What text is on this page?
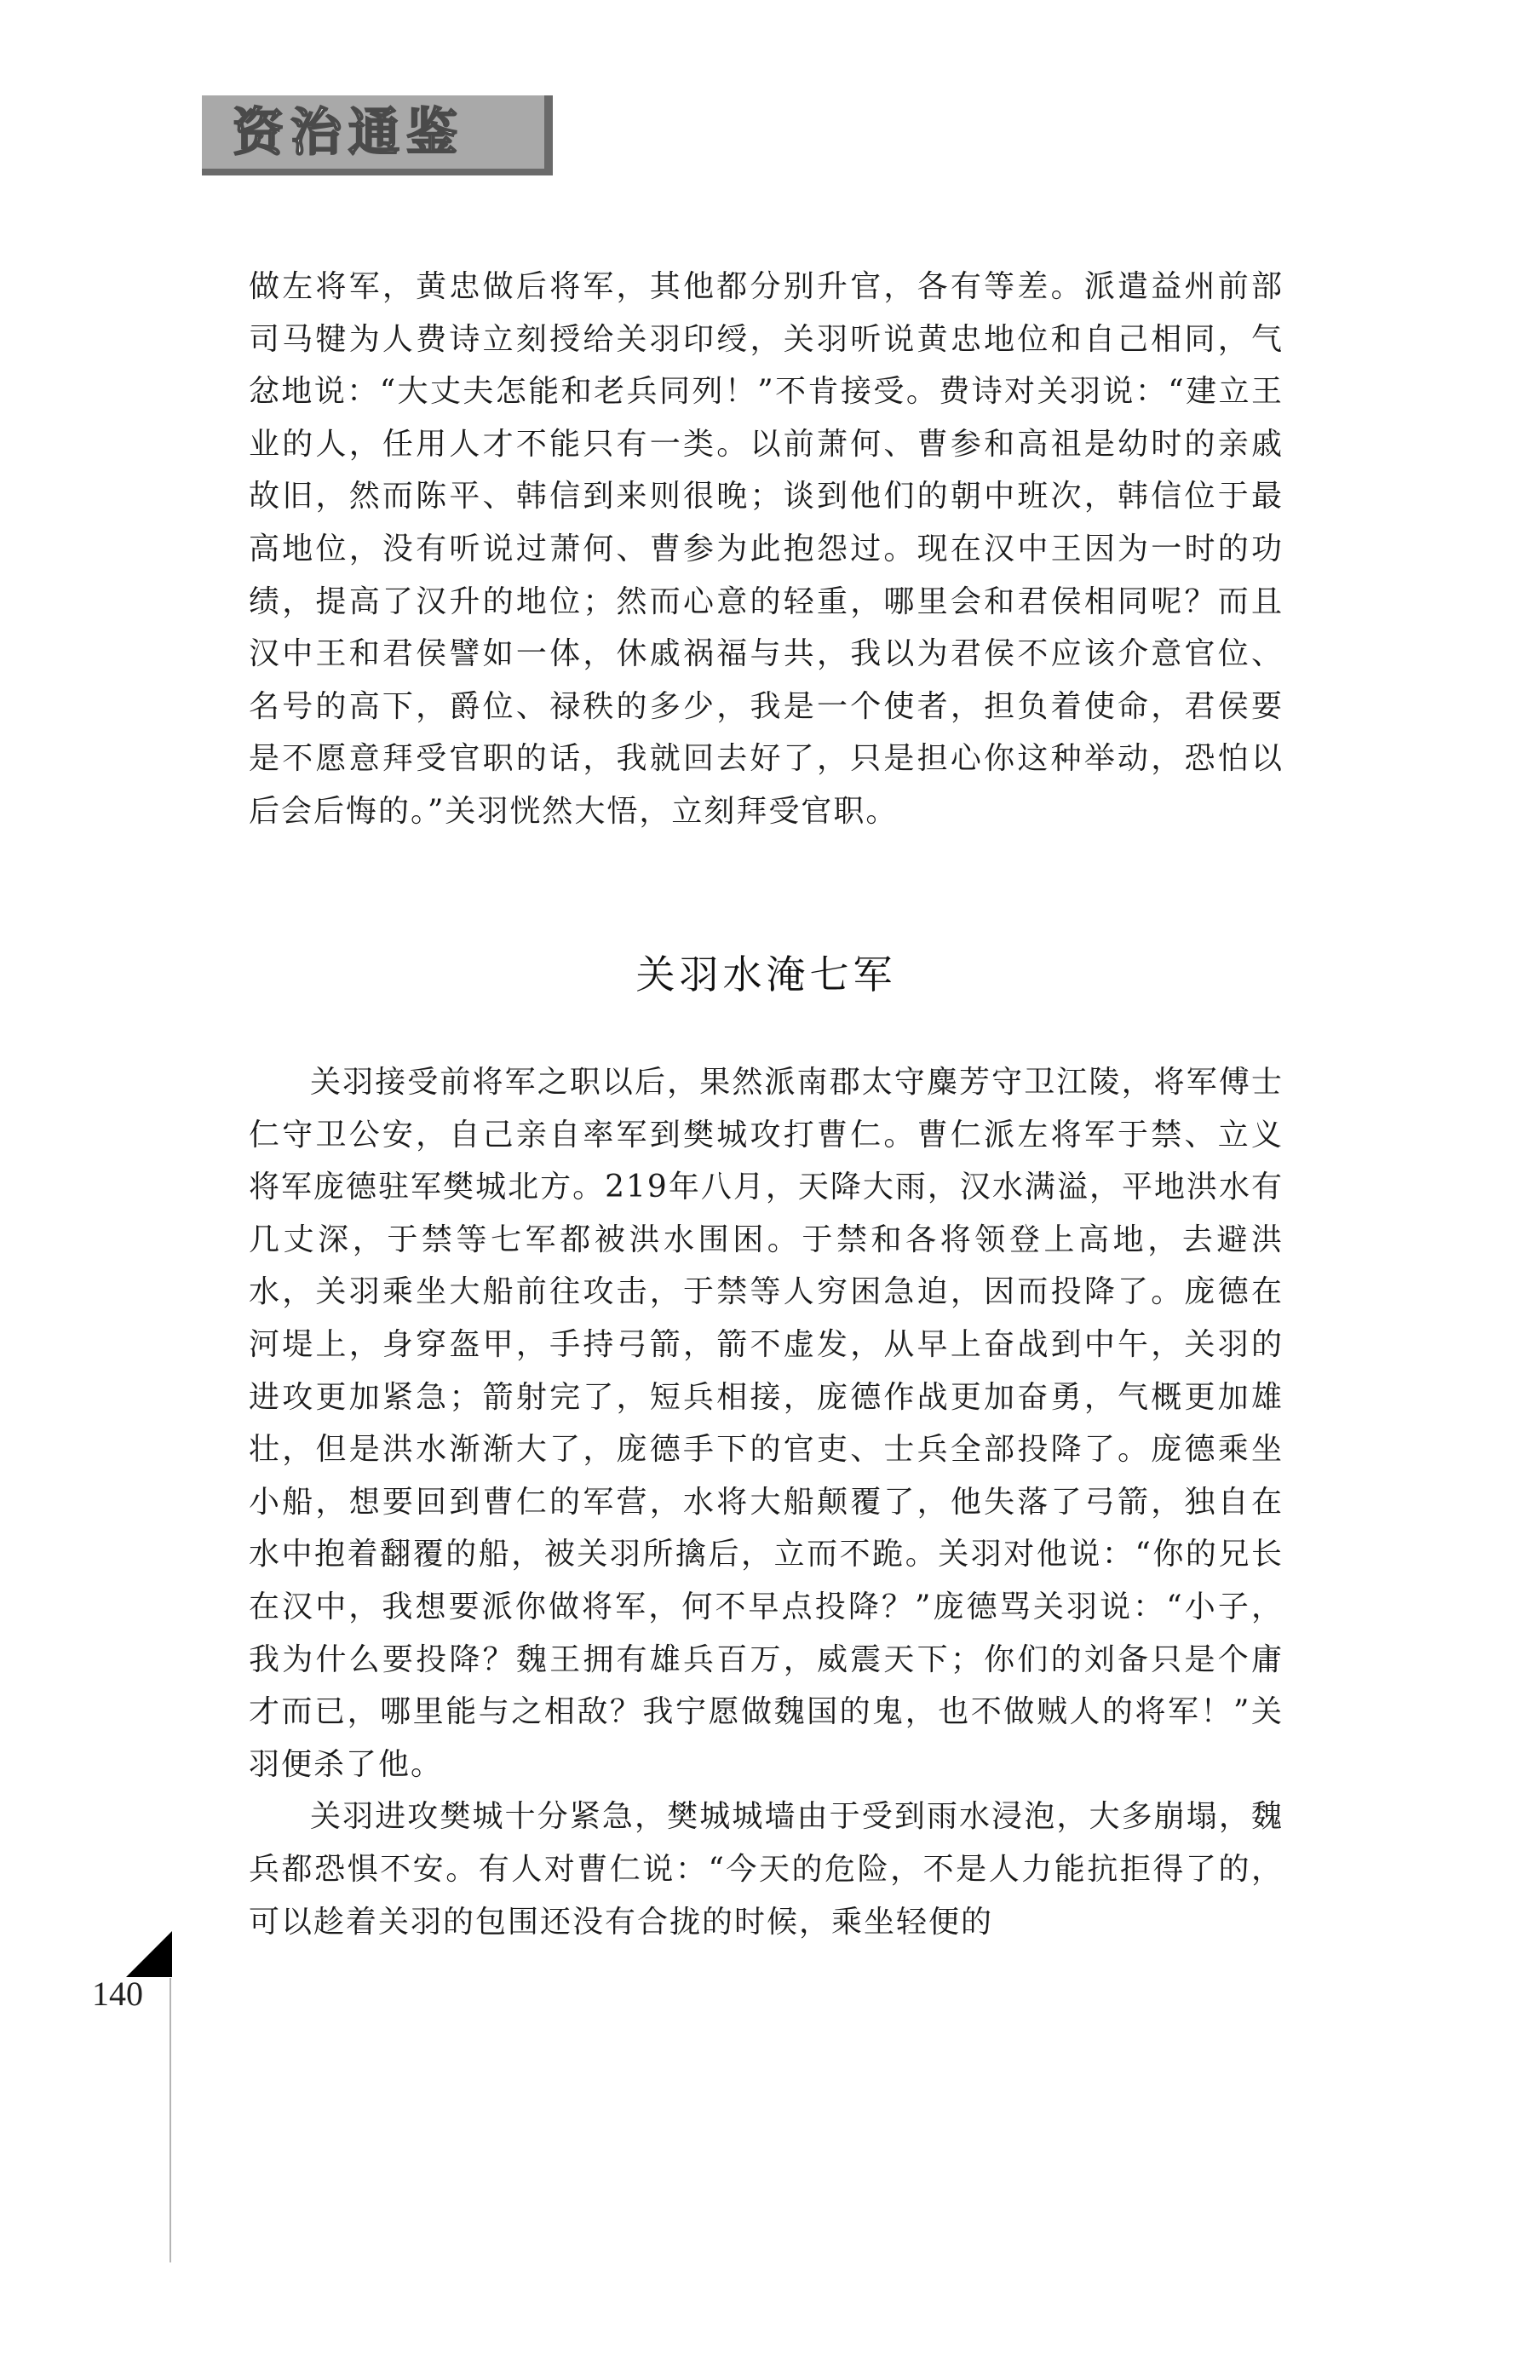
资治通鉴

做左将军，黄忠做后将军，其他都分别升官，各有等差。派遣益州前部司马犍为人费诗立刻授给关羽印绶，关羽听说黄忠地位和自己相同，气忿地说：“大丈夫怎能和老兵同列！”不肯接受。费诗对关羽说：“建立王业的人，任用人才不能只有一类。以前萧何、曹参和高祖是幼时的亲戚故旧，然而陈平、韩信到来则很晚；谈到他们的朝中班次，韩信位于最高地位，没有听说过萧何、曹参为此抱怨过。现在汉中王因为一时的功绩，提高了汉升的地位；然而心意的轻重，哪里会和君侯相同呢？而且汉中王和君侯譬如一体，休戚祸福与共，我以为君侯不应该介意官位、名号的高下，爵位、禄秩的多少，我是一个使者，担负着使命，君侯要是不愿意拜受官职的话，我就回去好了，只是担心你这种举动，恐怕以后会后悔的。”关羽恍然大悟，立刻拜受官职。

关羽水淹七军

关羽接受前将军之职以后，果然派南郡太守麋芳守卫江陵，将军傅士仁守卫公安，自己亲自率军到樊城攻打曹仁。曹仁派左将军于禁、立义将军庞德驻军樊城北方。219年八月，天降大雨，汉水满溢，平地洪水有几丈深，于禁等七军都被洪水围困。于禁和各将领登上高地，去避洪水，关羽乘坐大船前往攻击，于禁等人穷困急迫，因而投降了。庞德在河堤上，身穿盔甲，手持弓箭，箭不虚发，从早上奋战到中午，关羽的进攻更加紧急；箭射完了，短兵相接，庞德作战更加奋勇，气概更加雄壮，但是洪水渐渐大了，庞德手下的官吏、士兵全部投降了。庞德乘坐小船，想要回到曹仁的军营，水将大船颠覆了，他失落了弓箭，独自在水中抱着翻覆的船，被关羽所擒后，立而不跪。关羽对他说：“你的兄长在汉中，我想要派你做将军，何不早点投降？”庞德骂关羽说：“小子，我为什么要投降？魏王拥有雄兵百万，威震天下；你们的刘备只是个庸才而已，哪里能与之相敌？我宁愿做魏国的鬼，也不做贼人的将军！”关羽便杀了他。

关羽进攻樊城十分紧急，樊城城墙由于受到雨水浸泡，大多崩塌，魏兵都恐惧不安。有人对曹仁说：“今天的危险，不是人力能抗拒得了的，可以趁着关羽的包围还没有合拢的时候，乘坐轻便的

140
